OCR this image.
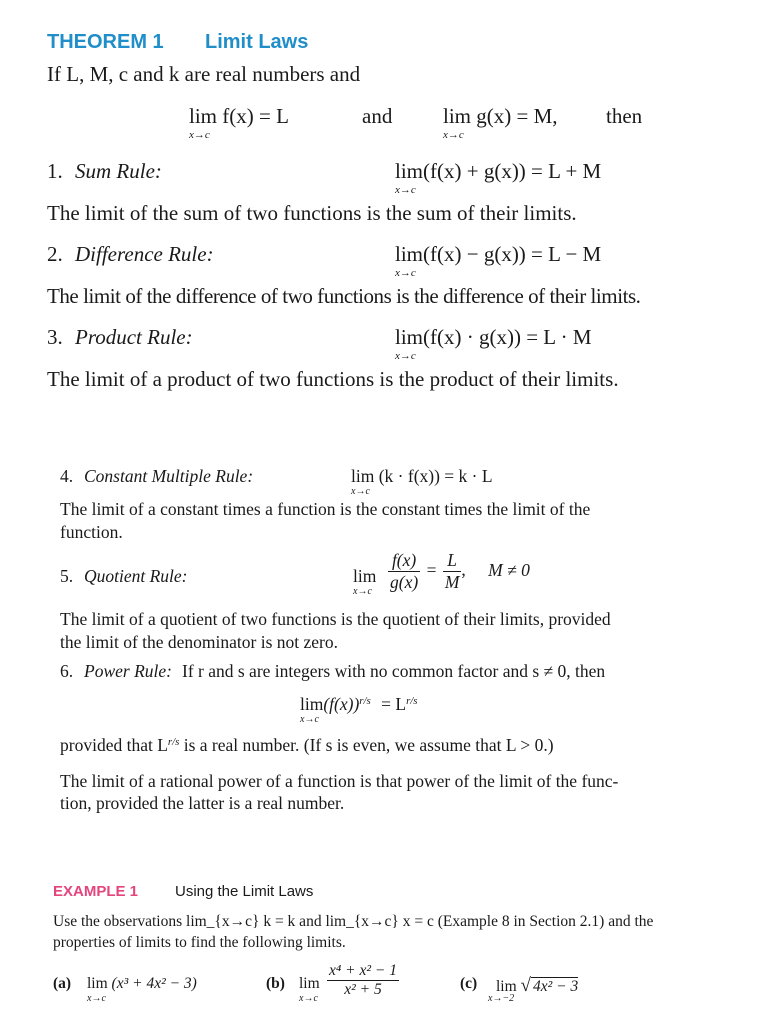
THEOREM 1 Limit Laws
If L, M, c and k are real numbers and
lim f(x) = L
x→c
and lim g(x) = M,
x→c
then
1. Sum Rule:	lim(f(x) + g(x)) = L + M
x→c
The limit of the sum of two functions is the sum of their limits.
2. Difference Rule:	lim(f(x) − g(x)) = L − M
x→c
The limit of the difference of two functions is the difference of their limits.
3. Product Rule:	lim(f(x) · g(x)) = L · M
x→c
The limit of a product of two functions is the product of their limits.
4. Constant Multiple Rule:	lim (k · f(x)) = k · L
x→c
The limit of a constant times a function is the constant times the limit of the
function.
5. Quotient Rule:	lim
$x\to c \frac{f(x)}{g(x)} = \frac{L}{M}$ , M ≠ 0
The limit of a quotient of two functions is the quotient of their limits, provided
the limit of the denominator is not zero.
6. Power Rule: If r and s are integers with no common factor and s ≠ 0, then
$\lim(f(x))^{r/s} = L^{r/s}$
x→c
provided that $L^{r/s}$ is a real number. (If s is even, we assume that L > 0.)
The limit of a rational power of a function is that power of the limit of the func-
tion, provided the latter is a real number.
EXAMPLE 1 Using the Limit Laws
Use the observations lim_{x→c} k = k and lim_{x→c} x = c (Example 8 in Section 2.1) and the
properties of limits to find the following limits.
(a) lim (x³ + 4x² − 3)
x→c
(b) lim
$x\to c \frac{\text{x⁴ + x² − 1}}{\text{x² + 5}}$	(c) lim √ 4x² − 3
x→−2
